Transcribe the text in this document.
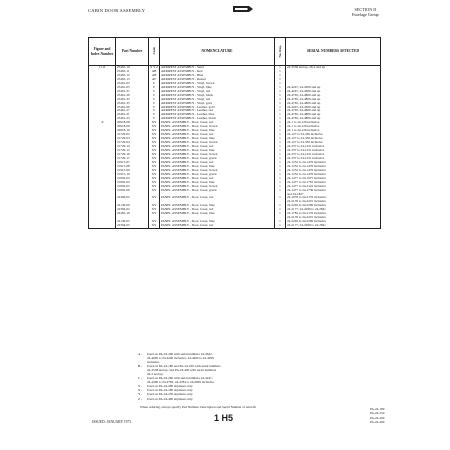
CABIN DOOR ASSEMBLY	SECTION II
Fuselage Group
Figure and Index Number	Part Number	Code	NOMENCLATURE	No. Req.	SERIAL NUMBERS AFFECTED
11-8	25465-10	X Y Z	ARMREST ASSEMBLY - Sand	1	24-3558 and up, 26-2 and up
	25465-11	AB	ARMREST ASSEMBLY - Red	1	
	25465-12	AB	ARMREST ASSEMBLY - Blue	1	
	25465-13	AV	ARMREST ASSEMBLY - Russet	1	
	25461-03	C	ARMREST ASSEMBLY - Vinyl, brown	1	
	25461-05	V	ARMREST ASSEMBLY - Vinyl, blue	1	24-4247, 24-4300 and up
	25461-37	V	ARMREST ASSEMBLY - Vinyl, red	1	24-4247, 24-4300 and up
	25461-29	V	ARMREST ASSEMBLY - Vinyl, black	1	24-4765, 24-4806 and up
	25461-33	V	ARMREST ASSEMBLY - Vinyl, red	1	24-4765, 24-4806 and up
	25461-35	V	ARMREST ASSEMBLY - Vinyl, gold	1	24-4765, 24-4806 and up
	25461-09	V	ARMREST ASSEMBLY - Leather, gold	1	24-4247, 24-4300 and up
	25461-27	V	ARMREST ASSEMBLY - Leather, red	1	24-4765, 24-4806 and up
	25461-31	V	ARMREST ASSEMBLY - Leather, blue	1	24-4765, 24-4806 and up
	25461-23	V	ARMREST ASSEMBLY - Leather, black	1	24-4765, 24-4806 and up
-9	20918-08	XY	PANEL ASSEMBLY - Door, lower, red	1	24-1 to 24-126 inclusive
	20918-09	XY	PANEL ASSEMBLY - Door, lower, brown	1	24-1 to 24-126 inclusive
	20918-10	XY	PANEL ASSEMBLY - Door, lower, blue	1	24-1 to 24-126 inclusive
	21729-02	XY	PANEL ASSEMBLY - Door, lower, red	1	24-127 to 24-336 inclusive
	21729-03	XY	PANEL ASSEMBLY - Door, lower, blue	1	24-127 to 24-336 inclusive
	21729-04	XY	PANEL ASSEMBLY - Door, lower, brown	1	24-127 to 24-336 inclusive
	21729-14	XY	PANEL ASSEMBLY - Door, lower, red	1	24-337 to 24-1251 inclusive
	21729-15	XY	PANEL ASSEMBLY - Door, lower, blue	1	24-337 to 24-1251 inclusive
	21729-16	XY	PANEL ASSEMBLY - Door, lower, brown	1	24-337 to 24-1251 inclusive
	21729-17	XY	PANEL ASSEMBLY - Door, lower, green	1	24-337 to 24-1251 inclusive
	21915-07	XY	PANEL ASSEMBLY - Door, lower, red	1	24-1252 to 24-1476 inclusive
	21915-08	XY	PANEL ASSEMBLY - Door, lower, blue	1	24-1252 to 24-1476 inclusive
	21915-09	XY	PANEL ASSEMBLY - Door, lower, brown	1	24-1252 to 24-1476 inclusive
	21915-10	XY	PANEL ASSEMBLY - Door, lower, green	1	24-1252 to 24-1476 inclusive
	21992-02	XY	PANEL ASSEMBLY - Door, lower, red	1	24-1477 to 24-1977 inclusive
	21992-03	XY	PANEL ASSEMBLY - Door, lower, blue	1	24-1477 to 24-1781 inclusive
	21992-05	XY	PANEL ASSEMBLY - Door, lower, brown	1	24-1477 to 24-2122 inclusive
	21992-06	XY	PANEL ASSEMBLY - Door, lower, green	1	24-1477 to 24-1736 inclusive
					and 24-1827
	22366-02	XY	PANEL ASSEMBLY - Door, lower, red	1	24-1978 to 24-2176 inclusive,
					24-2176 to 24-2201 inclusive

	22130-00	XY	PANEL ASSEMBLY - Door, lower, blue	1	24-2202 to 24-2296 inclusive
	22394-02	XY	PANEL ASSEMBLY - Door, lower, red	1	24-2177, 24-2299 to 24-2841
	22365-19	XY	PANEL ASSEMBLY - Door, lower, blue	1	24-1782 to 24-2176 inclusive,
					24-2176 to 24-2201 inclusive

	22130-05	XY	PANEL ASSEMBLY - Door, lower, blue	1	24-2202 to 24-2296 inclusive
	22394-05	XY	PANEL ASSEMBLY - Door, lower, red	1	24-2177, 24-2299 to 24-2841

A -	Used on PA-24-260 with serial numbers 24-3642,
24-4000 to 24-4240 inclusive, 24-4260 to 24-4299
inclusive.
B -	Used on PA-24-180 and PA-24-250 with serial numbers
24-3558 and up, and PA-24-400 with serial numbers
26-2 and up.
C -	Used on PA-24-260 with serial numbers 24-4247,
24-4300 to 24-4782, 24-4784 to 24-4805 inclusive.
V -	Used on PA-24-260 airplanes only.
X -	Used on PA-24-180 airplanes only.
Y -	Used on PA-24-250 airplanes only.
Z -	Used on PA-24-400 airplanes only.
When ordering, always specify Part Number, Description and Serial Number of Aircraft
ISSUED: JANUARY 1973	1 H5
PA-24-180
PA-24-250
PA-24-260
PA-24-400
